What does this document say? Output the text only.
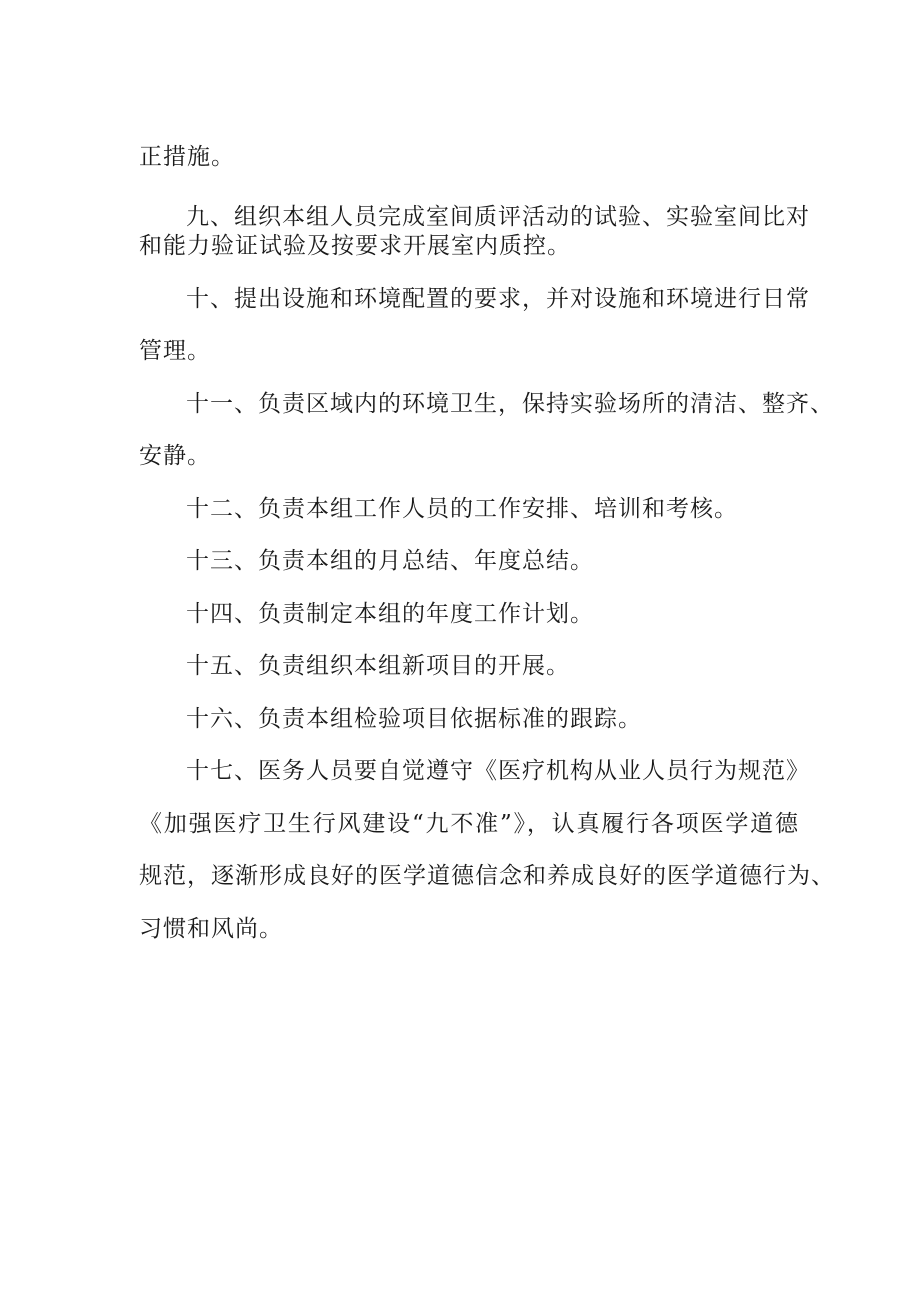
正措施。
九、组织本组人员完成室间质评活动的试验、实验室间比对
和能力验证试验及按要求开展室内质控。
十、提出设施和环境配置的要求，并对设施和环境进行日常
管理。
十一、负责区域内的环境卫生，保持实验场所的清洁、整齐、
安静。
十二、负责本组工作人员的工作安排、培训和考核。
十三、负责本组的月总结、年度总结。
十四、负责制定本组的年度工作计划。
十五、负责组织本组新项目的开展。
十六、负责本组检验项目依据标准的跟踪。
十七、医务人员要自觉遵守《医疗机构从业人员行为规范》
《加强医疗卫生行风建设“九不准”》，认真履行各项医学道德
规范，逐渐形成良好的医学道德信念和养成良好的医学道德行为、
习惯和风尚。
